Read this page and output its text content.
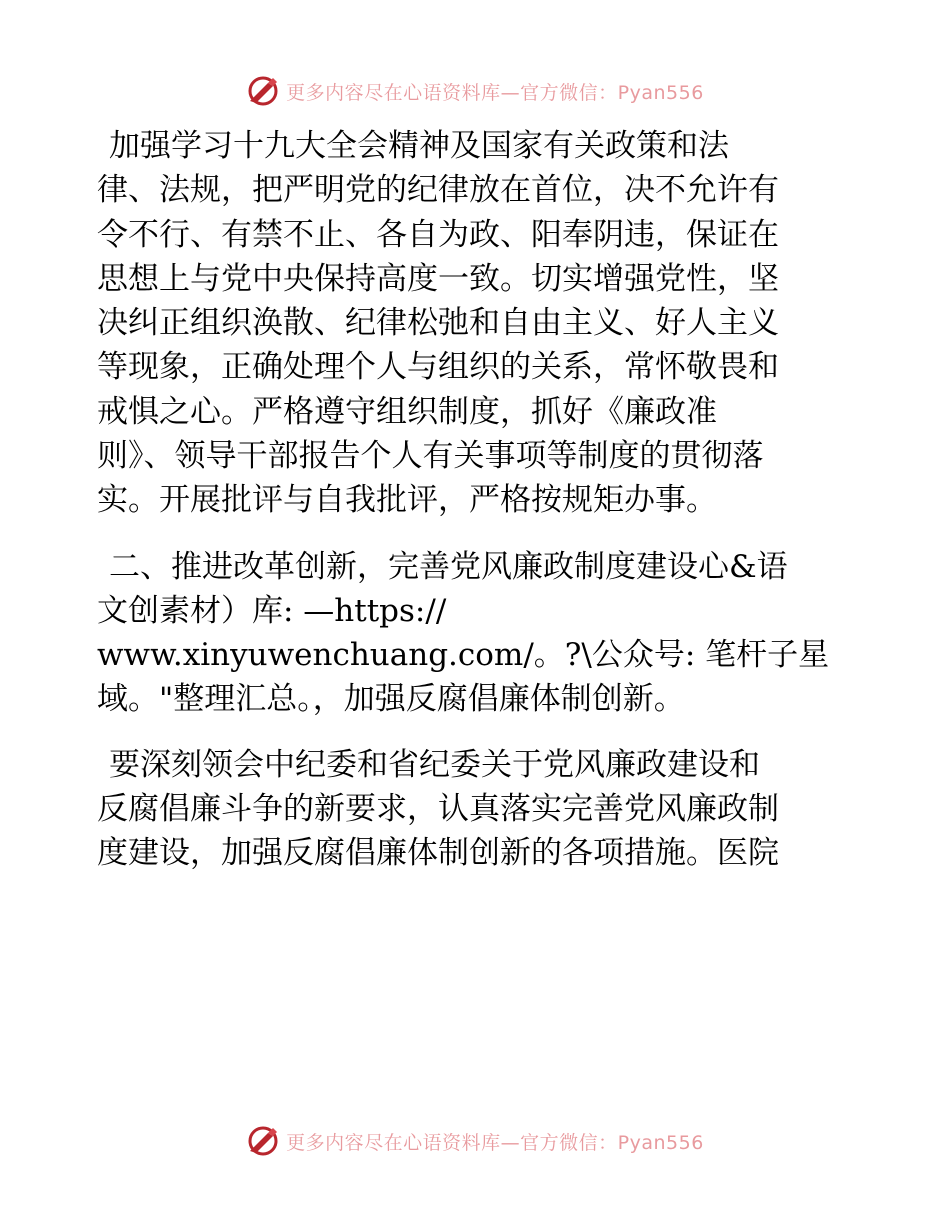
更多内容尽在心语资料库—官方微信：Pyan556
加强学习十九大全会精神及国家有关政策和法
律、法规，把严明党的纪律放在首位，决不允许有
令不行、有禁不止、各自为政、阳奉阴违，保证在
思想上与党中央保持高度一致。切实增强党性，坚
决纠正组织涣散、纪律松弛和自由主义、好人主义
等现象，正确处理个人与组织的关系，常怀敬畏和
戒惧之心。严格遵守组织制度，抓好《廉政准
则》、领导干部报告个人有关事项等制度的贯彻落
实。开展批评与自我批评，严格按规矩办事。
二、推进改革创新，完善党风廉政制度建设心&语
文创素材）库: —https://
www.xinyuwenchuang.com/。?\公众号: 笔杆子星
域。"整理汇总。，加强反腐倡廉体制创新。
要深刻领会中纪委和省纪委关于党风廉政建设和
反腐倡廉斗争的新要求，认真落实完善党风廉政制
度建设，加强反腐倡廉体制创新的各项措施。医院
更多内容尽在心语资料库—官方微信：Pyan556
